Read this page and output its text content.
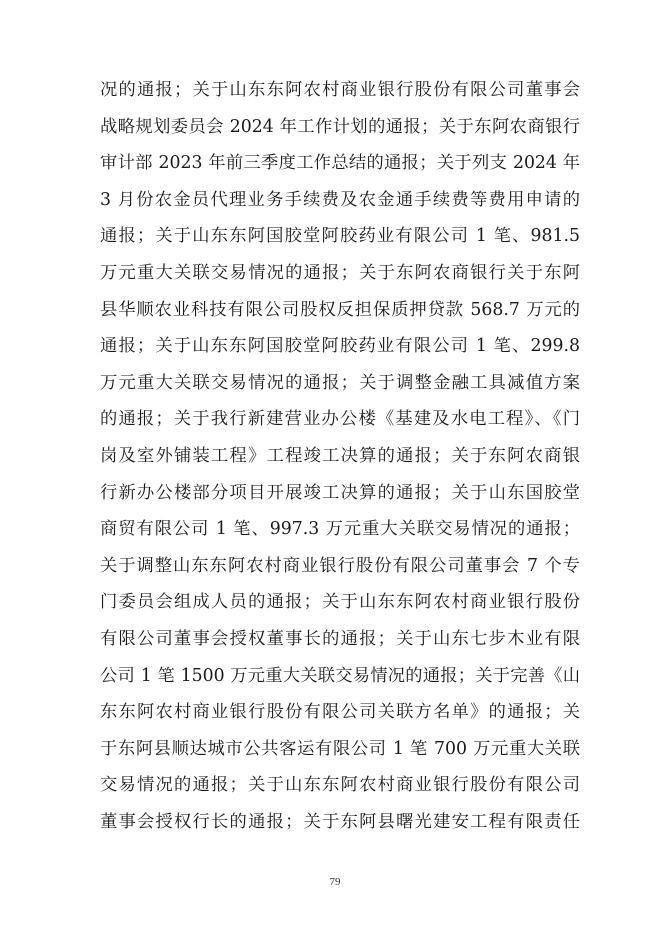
况的通报；关于山东东阿农村商业银行股份有限公司董事会
战略规划委员会 2024 年工作计划的通报；关于东阿农商银行
审计部 2023 年前三季度工作总结的通报；关于列支 2024 年
3 月份农金员代理业务手续费及农金通手续费等费用申请的
通报；关于山东东阿国胶堂阿胶药业有限公司 1 笔、981.5
万元重大关联交易情况的通报；关于东阿农商银行关于东阿
县华顺农业科技有限公司股权反担保质押贷款 568.7 万元的
通报；关于山东东阿国胶堂阿胶药业有限公司 1 笔、299.8
万元重大关联交易情况的通报；关于调整金融工具减值方案
的通报；关于我行新建营业办公楼《基建及水电工程》、《门
岗及室外铺装工程》工程竣工决算的通报；关于东阿农商银
行新办公楼部分项目开展竣工决算的通报；关于山东国胶堂
商贸有限公司 1 笔、997.3 万元重大关联交易情况的通报；
关于调整山东东阿农村商业银行股份有限公司董事会 7 个专
门委员会组成人员的通报；关于山东东阿农村商业银行股份
有限公司董事会授权董事长的通报；关于山东七步木业有限
公司 1 笔 1500 万元重大关联交易情况的通报；关于完善《山
东东阿农村商业银行股份有限公司关联方名单》的通报；关
于东阿县顺达城市公共客运有限公司 1 笔 700 万元重大关联
交易情况的通报；关于山东东阿农村商业银行股份有限公司
董事会授权行长的通报；关于东阿县曙光建安工程有限责任
79
